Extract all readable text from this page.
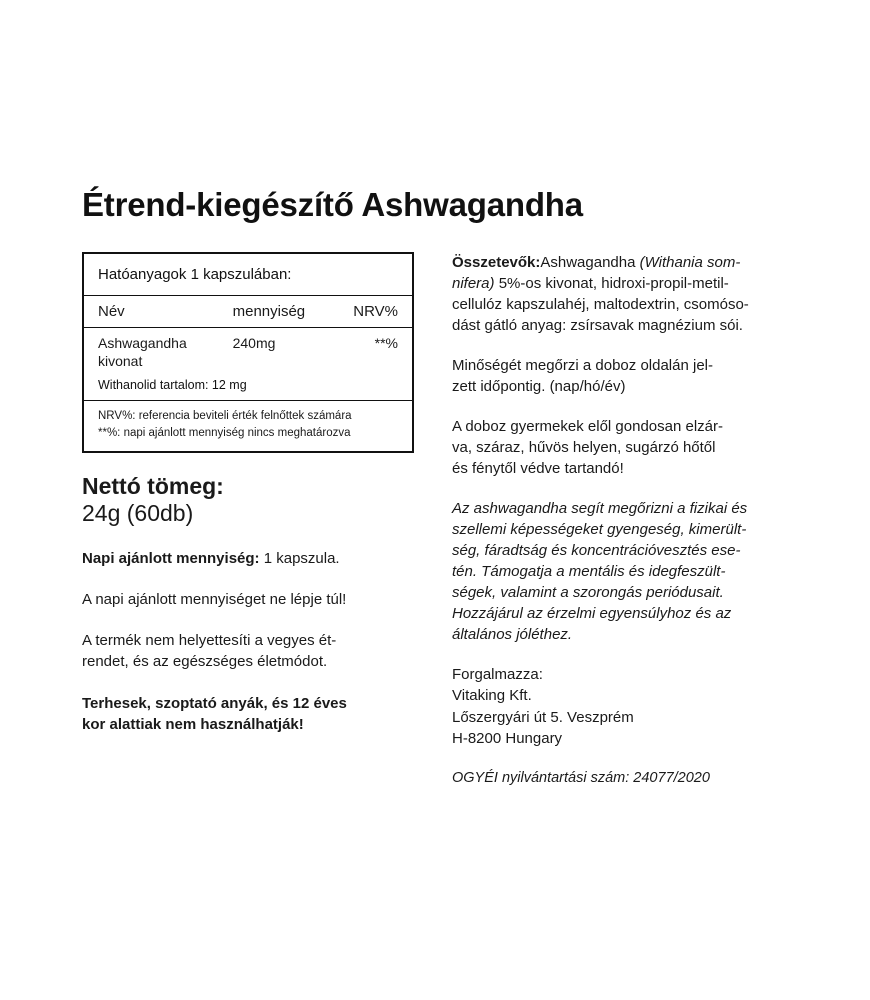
Étrend-kiegészítő Ashwagandha
Hatóanyagok 1 kapszulában:
Név	mennyiség	NRV%
Ashwagandha
kivonat
240mg	**%
Withanolid tartalom: 12 mg
NRV%: referencia beviteli érték felnőttek számára
**%: napi ajánlott mennyiség nincs meghatározva
Nettó tömeg:
24g (60db)
Napi ajánlott mennyiség: 1 kapszula.
A napi ajánlott mennyiséget ne lépje túl!
A termék nem helyettesíti a vegyes ét-
rendet, és az egészséges életmódot.
Terhesek, szoptató anyák, és 12 éves
kor alattiak nem használhatják!
Összetevők:Ashwagandha (Withania som-
nifera) 5%-os kivonat, hidroxi-propil-metil-
cellulóz kapszulahéj, maltodextrin, csomóso-
dást gátló anyag: zsírsavak magnézium sói.
Minőségét megőrzi a doboz oldalán jel-
zett időpontig. (nap/hó/év)
A doboz gyermekek elől gondosan elzár-
va, száraz, hűvös helyen, sugárzó hőtől
és fénytől védve tartandó!
Az ashwagandha segít megőrizni a fizikai és
szellemi képességeket gyengeség, kimerült-
ség, fáradtság és koncentrációvesztés ese-
tén. Támogatja a mentális és idegfeszült-
ségek, valamint a szorongás periódusait.
Hozzájárul az érzelmi egyensúlyhoz és az
általános jóléthez.
Forgalmazza:
Vitaking Kft.
Lőszergyári út 5. Veszprém
H-8200 Hungary
OGYÉI nyilvántartási szám: 24077/2020
